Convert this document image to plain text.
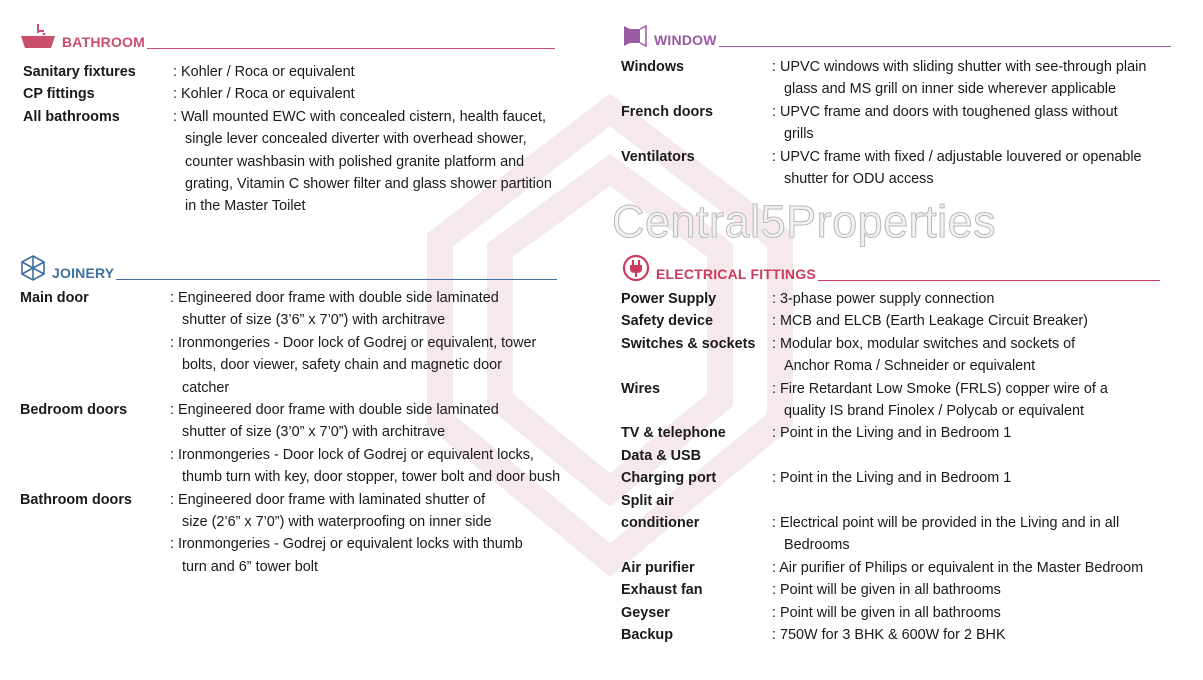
Central5Properties
BATHROOM
JOINERY
WINDOW
ELECTRICAL FITTINGS
Sanitary fixtures	: Kohler / Roca or equivalent
CP fittings	: Kohler / Roca or equivalent
All bathrooms	: Wall mounted EWC with concealed cistern, health faucet,
single lever concealed diverter with overhead shower,
counter washbasin with polished granite platform and
grating, Vitamin C shower filter and glass shower partition
in the Master Toilet
Main door	: Engineered door frame with double side laminated
shutter of size (3’6” x 7’0”) with architrave
: Ironmongeries - Door lock of Godrej or equivalent, tower
bolts, door viewer, safety chain and magnetic door
catcher
Bedroom doors	: Engineered door frame with double side laminated
shutter of size (3’0” x 7’0”) with architrave
: Ironmongeries - Door lock of Godrej or equivalent locks,
thumb turn with key, door stopper, tower bolt and door bush
Bathroom doors	: Engineered door frame with laminated shutter of
size (2’6” x 7’0”) with waterproofing on inner side
: Ironmongeries - Godrej or equivalent locks with thumb
turn and 6” tower bolt
Windows	: UPVC windows with sliding shutter with see-through plain
glass and MS grill on inner side wherever applicable
French doors	: UPVC frame and doors with toughened glass without
grills
Ventilators	: UPVC frame with fixed / adjustable louvered or openable
shutter for ODU access
Power Supply	: 3-phase power supply connection
Safety device	: MCB and ELCB (Earth Leakage Circuit Breaker)
Switches & sockets	: Modular box, modular switches and sockets of
Anchor Roma / Schneider or equivalent
Wires	: Fire Retardant Low Smoke (FRLS) copper wire of a
quality IS brand Finolex / Polycab or equivalent
TV & telephone	: Point in the Living and in Bedroom 1
Data & USB
Charging port	: Point in the Living and in Bedroom 1
Split air
conditioner
	: Electrical point will be provided in the Living and in all
Bedrooms
Air purifier	: Air purifier of Philips or equivalent in the Master Bedroom
Exhaust fan	: Point will be given in all bathrooms
Geyser	: Point will be given in all bathrooms
Backup	: 750W for 3 BHK & 600W for 2 BHK
